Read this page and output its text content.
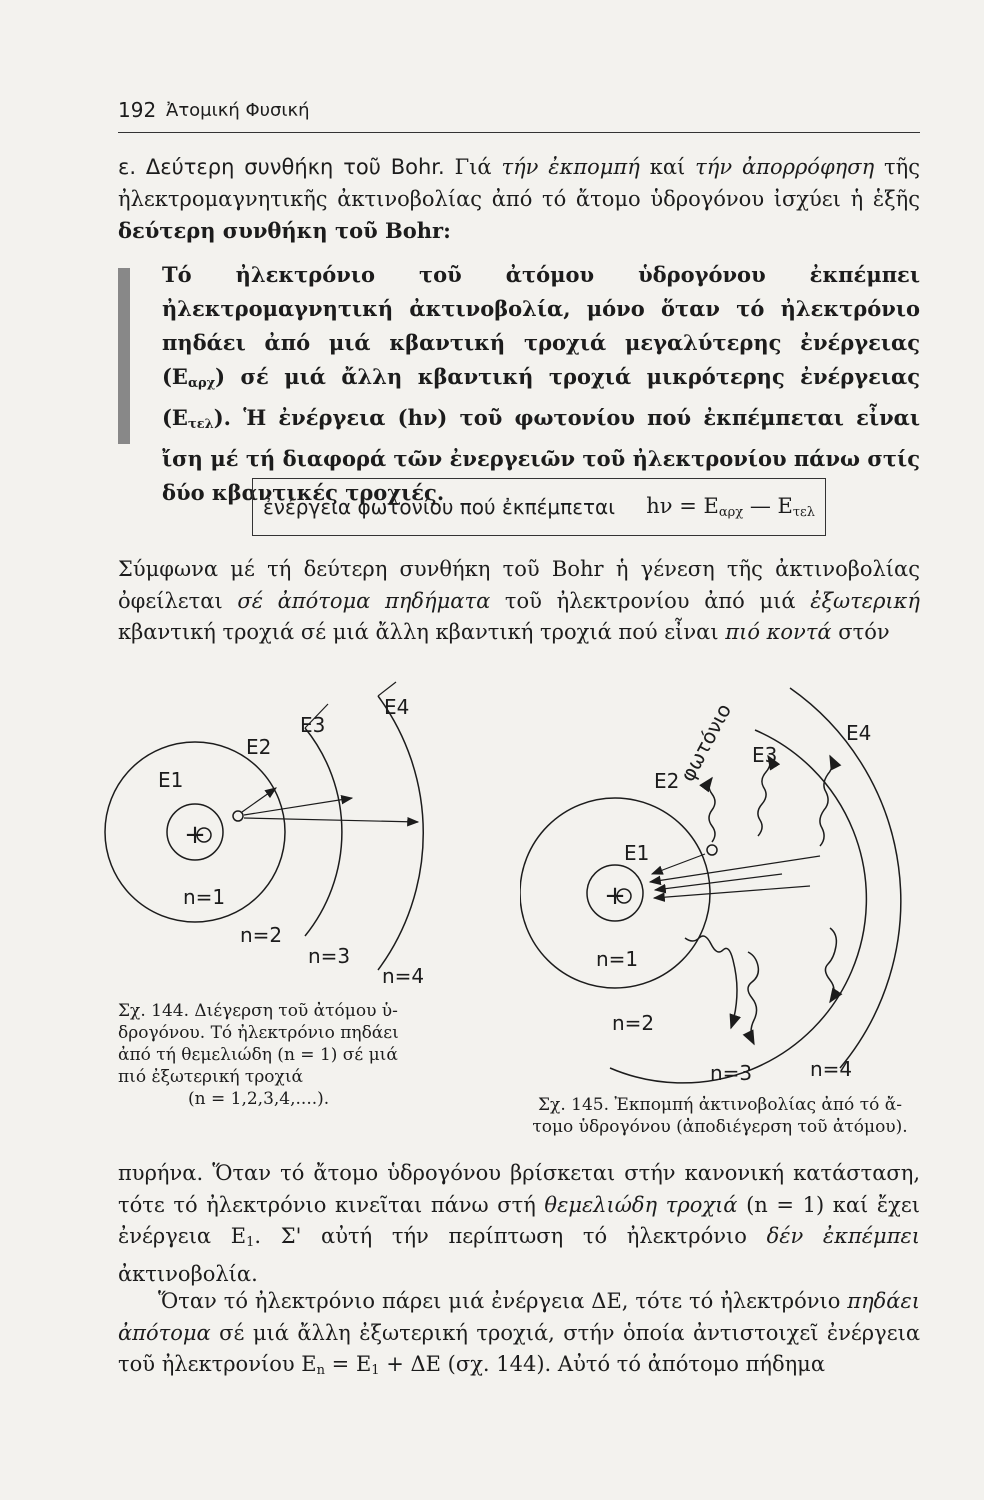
192 Ἀτομική Φυσική

ε. Δεύτερη συνθήκη τοῦ Bohr. Γιά τήν ἐκπομπή καί τήν ἀπορρόφηση τῆς ἠλεκτρομαγνητικῆς ἀκτινοβολίας ἀπό τό ἄτομο ὑδρογόνου ἰσχύει ἡ ἑξῆς δεύτερη συνθήκη τοῦ Bohr:

Τό ἠλεκτρόνιο τοῦ ἀτόμου ὑδρογόνου ἐκπέμπει ἠλεκτρομαγνητική ἀκτινοβολία, μόνο ὅταν τό ἠλεκτρόνιο πηδάει ἀπό μιά κβαντική τροχιά μεγαλύτερης ἐνέργειας $(E_{\alpha\rho\chi})$ σέ μιά ἄλλη κβαντική τροχιά μικρότερης ἐνέργειας $(E_{\tau\varepsilon\lambda})$. Ἡ ἐνέργεια (hν) τοῦ φωτονίου πού ἐκπέμπεται εἶναι ἴση μέ τή διαφορά τῶν ἐνεργειῶν τοῦ ἠλεκτρονίου πάνω στίς δύο κβαντικές τροχιές.

ἐνέργεια φωτονίου πού ἐκπέμπεται $h\nu = E_{\alpha\rho\chi}$ — $E_{\tau\varepsilon\lambda}$

Σύμφωνα μέ τή δεύτερη συνθήκη τοῦ Bohr ἡ γένεση τῆς ἀκτινοβολίας ὀφείλεται σέ ἀπότομα πηδήματα τοῦ ἠλεκτρονίου ἀπό μιά ἐξωτερική κβαντική τροχιά σέ μιά ἄλλη κβαντική τροχιά πού εἶναι πιό κοντά στόν

+
E1
E2
E3
E4
n=1
n=2
n=3
n=4

Σχ. 144. Διέγερση τοῦ ἀτόμου ὑ-
δρογόνου. Τό ἠλεκτρόνιο πηδάει
ἀπό τή θεμελιώδη (n = 1) σέ μιά
πιό ἐξωτερική τροχιά
(n = 1,2,3,4,....).

+
φωτόνιο
E1
E2
E3
E4
n=1
n=2
n=3	n=4

Σχ. 145. Ἐκπομπή ἀκτινοβολίας ἀπό τό ἄ-
τομο ὑδρογόνου (ἀποδιέγερση τοῦ ἀτόμου).

πυρήνα. Ὅταν τό ἄτομο ὑδρογόνου βρίσκεται στήν κανονική κατάσταση, τότε τό ἠλεκτρόνιο κινεῖται πάνω στή θεμελιώδη τροχιά (n = 1) καί ἔχει ἐνέργεια $E_1$. Σ' αὐτή τήν περίπτωση τό ἠλεκτρόνιο δέν ἐκπέμπει ἀκτινοβολία.

Ὅταν τό ἠλεκτρόνιο πάρει μιά ἐνέργεια ΔΕ, τότε τό ἠλεκτρόνιο πηδάει ἀπότομα σέ μιά ἄλλη ἐξωτερική τροχιά, στήν ὁποία ἀντιστοιχεῖ ἐνέργεια τοῦ ἠλεκτρονίου $E_n = E_1 + \Delta E$ (σχ. 144). Αὐτό τό ἀπότομο πήδημα
